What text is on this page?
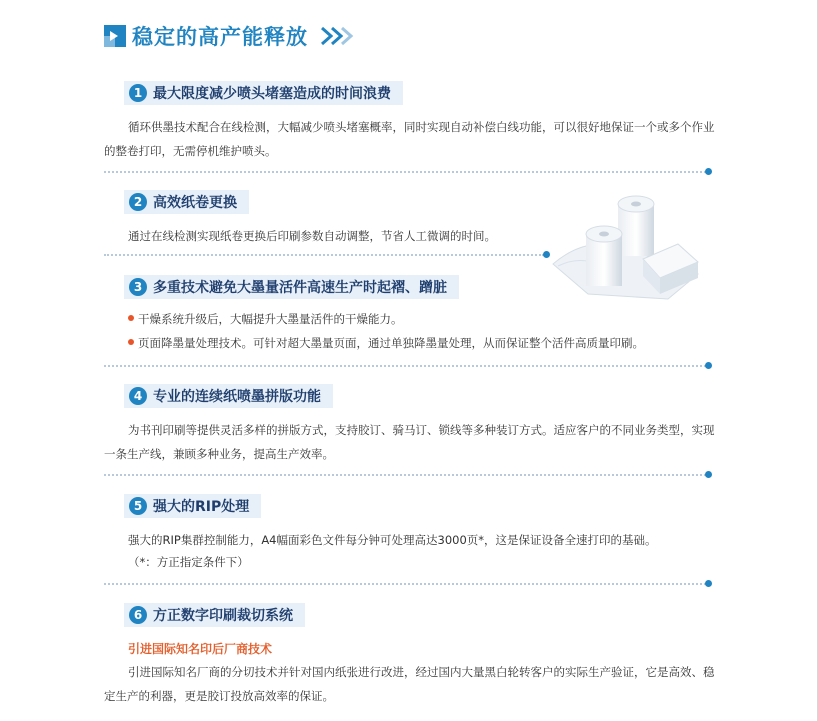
稳定的高产能释放
1 最大限度减少喷头堵塞造成的时间浪费

循环供墨技术配合在线检测，大幅减少喷头堵塞概率，同时实现自动补偿白线功能，可以很好地保证一个或多个作业的整卷打印，无需停机维护喷头。

2 高效纸卷更换

通过在线检测实现纸卷更换后印刷参数自动调整，节省人工微调的时间。

3 多重技术避免大墨量活件高速生产时起褶、蹭脏
干燥系统升级后，大幅提升大墨量活件的干燥能力。
页面降墨量处理技术。可针对超大墨量页面，通过单独降墨量处理，从而保证整个活件高质量印刷。
4 专业的连续纸喷墨拼版功能

为书刊印刷等提供灵活多样的拼版方式，支持胶订、骑马订、锁线等多种装订方式。适应客户的不同业务类型，实现一条生产线，兼顾多种业务，提高生产效率。

5 强大的RIP处理

强大的RIP集群控制能力，A4幅面彩色文件每分钟可处理高达3000页*，这是保证设备全速打印的基础。

（*：方正指定条件下）

6 方正数字印刷裁切系统
引进国际知名印后厂商技术

引进国际知名厂商的分切技术并针对国内纸张进行改进，经过国内大量黑白轮转客户的实际生产验证，它是高效、稳定生产的利器，更是胶订投放高效率的保证。
